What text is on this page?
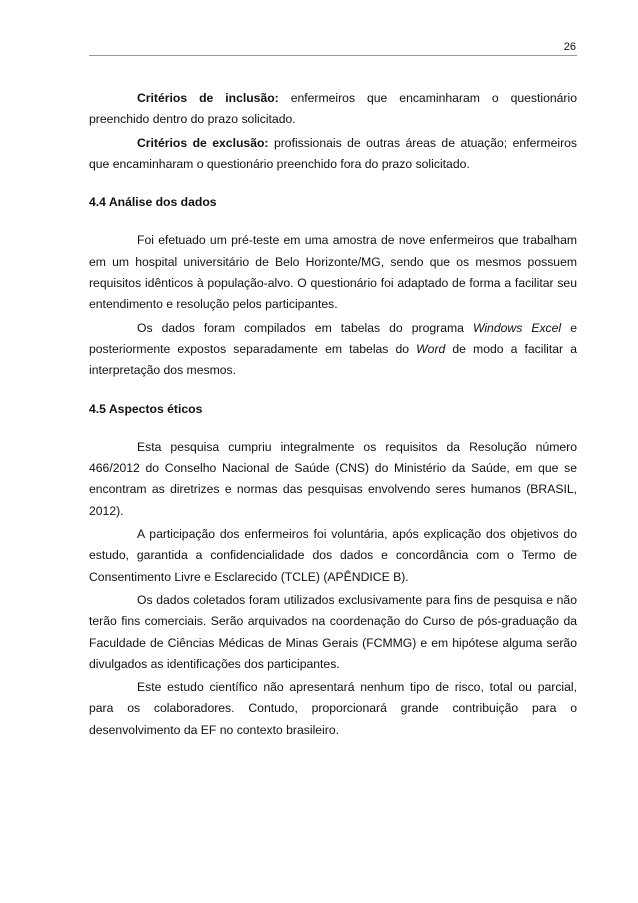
26

Critérios de inclusão: enfermeiros que encaminharam o questionário preenchido dentro do prazo solicitado.

Critérios de exclusão: profissionais de outras áreas de atuação; enfermeiros que encaminharam o questionário preenchido fora do prazo solicitado.

4.4 Análise dos dados

Foi efetuado um pré-teste em uma amostra de nove enfermeiros que trabalham em um hospital universitário de Belo Horizonte/MG, sendo que os mesmos possuem requisitos idênticos à população-alvo. O questionário foi adaptado de forma a facilitar seu entendimento e resolução pelos participantes.

Os dados foram compilados em tabelas do programa Windows Excel e posteriormente expostos separadamente em tabelas do Word de modo a facilitar a interpretação dos mesmos.

4.5 Aspectos éticos

Esta pesquisa cumpriu integralmente os requisitos da Resolução número 466/2012 do Conselho Nacional de Saúde (CNS) do Ministério da Saúde, em que se encontram as diretrizes e normas das pesquisas envolvendo seres humanos (BRASIL, 2012).

A participação dos enfermeiros foi voluntária, após explicação dos objetivos do estudo, garantida a confidencialidade dos dados e concordância com o Termo de Consentimento Livre e Esclarecido (TCLE) (APÊNDICE B).

Os dados coletados foram utilizados exclusivamente para fins de pesquisa e não terão fins comerciais. Serão arquivados na coordenação do Curso de pós-graduação da Faculdade de Ciências Médicas de Minas Gerais (FCMMG) e em hipótese alguma serão divulgados as identificações dos participantes.

Este estudo científico não apresentará nenhum tipo de risco, total ou parcial, para os colaboradores. Contudo, proporcionará grande contribuição para o desenvolvimento da EF no contexto brasileiro.
